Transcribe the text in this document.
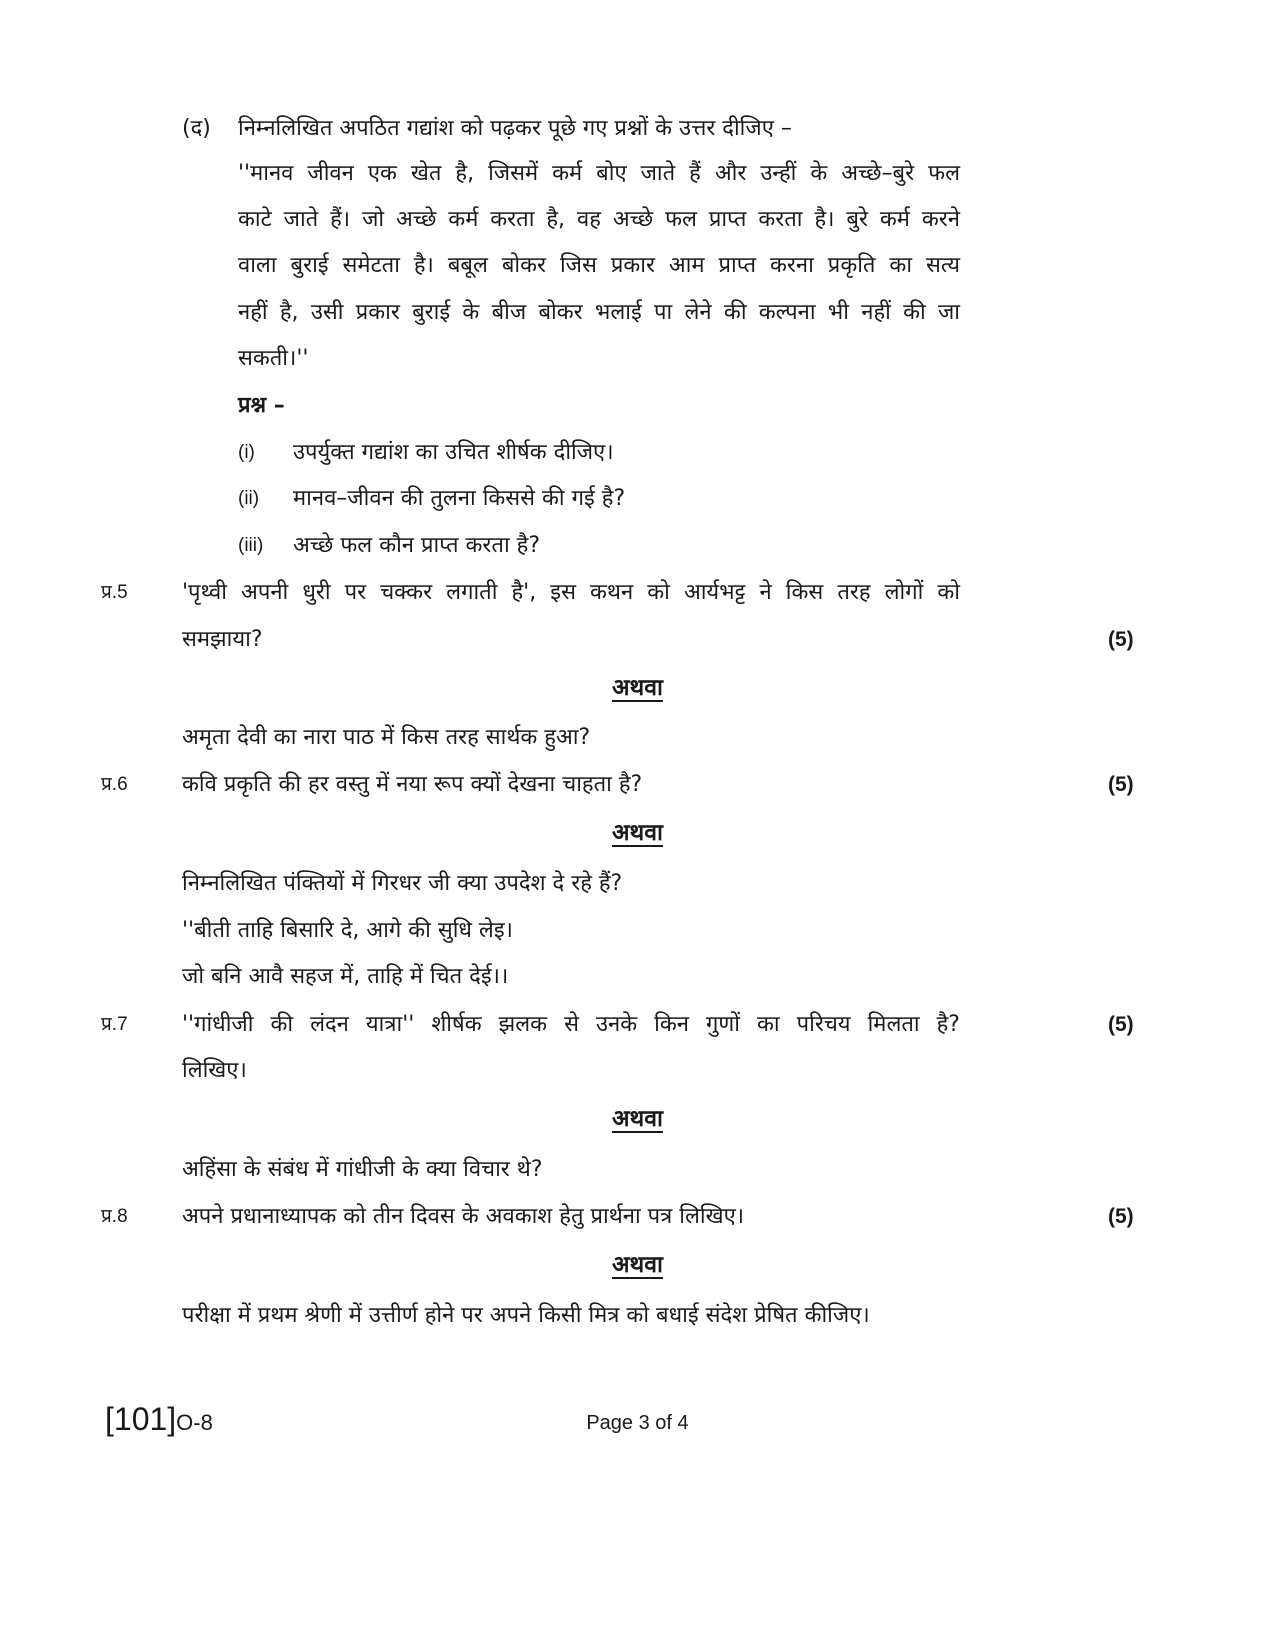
(द) निम्नलिखित अपठित गद्यांश को पढ़कर पूछे गए प्रश्नों के उत्तर दीजिए –
''मानव जीवन एक खेत है, जिसमें कर्म बोए जाते हैं और उन्हीं के अच्छे–बुरे फल
काटे जाते हैं। जो अच्छे कर्म करता है, वह अच्छे फल प्राप्त करता है। बुरे कर्म करने
वाला बुराई समेटता है। बबूल बोकर जिस प्रकार आम प्राप्त करना प्रकृति का सत्य
नहीं है, उसी प्रकार बुराई के बीज बोकर भलाई पा लेने की कल्पना भी नहीं की जा
सकती।''
प्रश्न –
(i) उपर्युक्त गद्यांश का उचित शीर्षक दीजिए।
(ii) मानव–जीवन की तुलना किससे की गई है?
(iii) अच्छे फल कौन प्राप्त करता है?
प्र.5 'पृथ्वी अपनी धुरी पर चक्कर लगाती है', इस कथन को आर्यभट्ट ने किस तरह लोगों को
समझाया?	(5)
अथवा
अमृता देवी का नारा पाठ में किस तरह सार्थक हुआ?
प्र.6 कवि प्रकृति की हर वस्तु में नया रूप क्यों देखना चाहता है?	(5)
अथवा
निम्नलिखित पंक्तियों में गिरधर जी क्या उपदेश दे रहे हैं?
''बीती ताहि बिसारि दे, आगे की सुधि लेइ।
जो बनि आवै सहज में, ताहि में चित देई।।
प्र.7 ''गांधीजी की लंदन यात्रा'' शीर्षक झलक से उनके किन गुणों का परिचय मिलता है?	(5)
लिखिए।
अथवा
अहिंसा के संबंध में गांधीजी के क्या विचार थे?
प्र.8 अपने प्रधानाध्यापक को तीन दिवस के अवकाश हेतु प्रार्थना पत्र लिखिए।	(5)
अथवा
परीक्षा में प्रथम श्रेणी में उत्तीर्ण होने पर अपने किसी मित्र को बधाई संदेश प्रेषित कीजिए।
[101]O-8	Page 3 of 4
